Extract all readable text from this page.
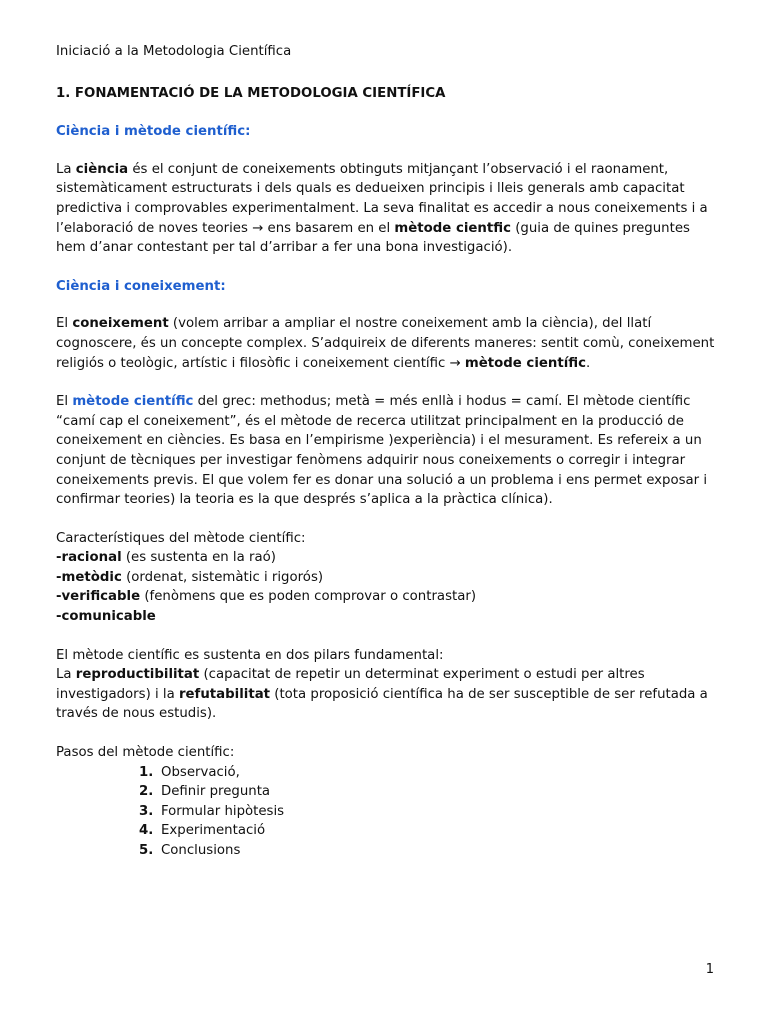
Iniciació a la Metodologia Científica
1. FONAMENTACIÓ DE LA METODOLOGIA CIENTÍFICA
Ciència i mètode científic:

La ciència és el conjunt de coneixements obtinguts mitjançant l’observació i el raonament, sistemàticament estructurats i dels quals es dedueixen principis i lleis generals amb capacitat predictiva i comprovables experimentalment. La seva finalitat es accedir a nous coneixements i a l’elaboració de noves teories → ens basarem en el mètode cientfic (guia de quines preguntes hem d’anar contestant per tal d’arribar a fer una bona investigació).

Ciència i coneixement:

El coneixement (volem arribar a ampliar el nostre coneixement amb la ciència), del llatí cognoscere, és un concepte complex. S’adquireix de diferents maneres: sentit comù, coneixement religiós o teològic, artístic i filosòfic i coneixement científic → mètode científic.

El mètode científic del grec: methodus; metà = més enllà i hodus = camí. El mètode científic “camí cap el coneixement”, és el mètode de recerca utilitzat principalment en la producció de coneixement en ciències. Es basa en l’empirisme )experiència) i el mesurament. Es refereix a un conjunt de tècniques per investigar fenòmens adquirir nous coneixements o corregir i integrar coneixements previs. El que volem fer es donar una solució a un problema i ens permet exposar i confirmar teories) la teoria es la que després s’aplica a la pràctica clínica).

Característiques del mètode científic:
-racional (es sustenta en la raó)
-metòdic (ordenat, sistemàtic i rigorós)
-verificable (fenòmens que es poden comprovar o contrastar)
-comunicable

El mètode científic es sustenta en dos pilars fundamental:
La reproductibilitat (capacitat de repetir un determinat experiment o estudi per altres investigadors) i la refutabilitat (tota proposició científica ha de ser susceptible de ser refutada a través de nous estudis).

Pasos del mètode científic:
1. Observació,
2. Definir pregunta
3. Formular hipòtesis
4. Experimentació
5. Conclusions
1
